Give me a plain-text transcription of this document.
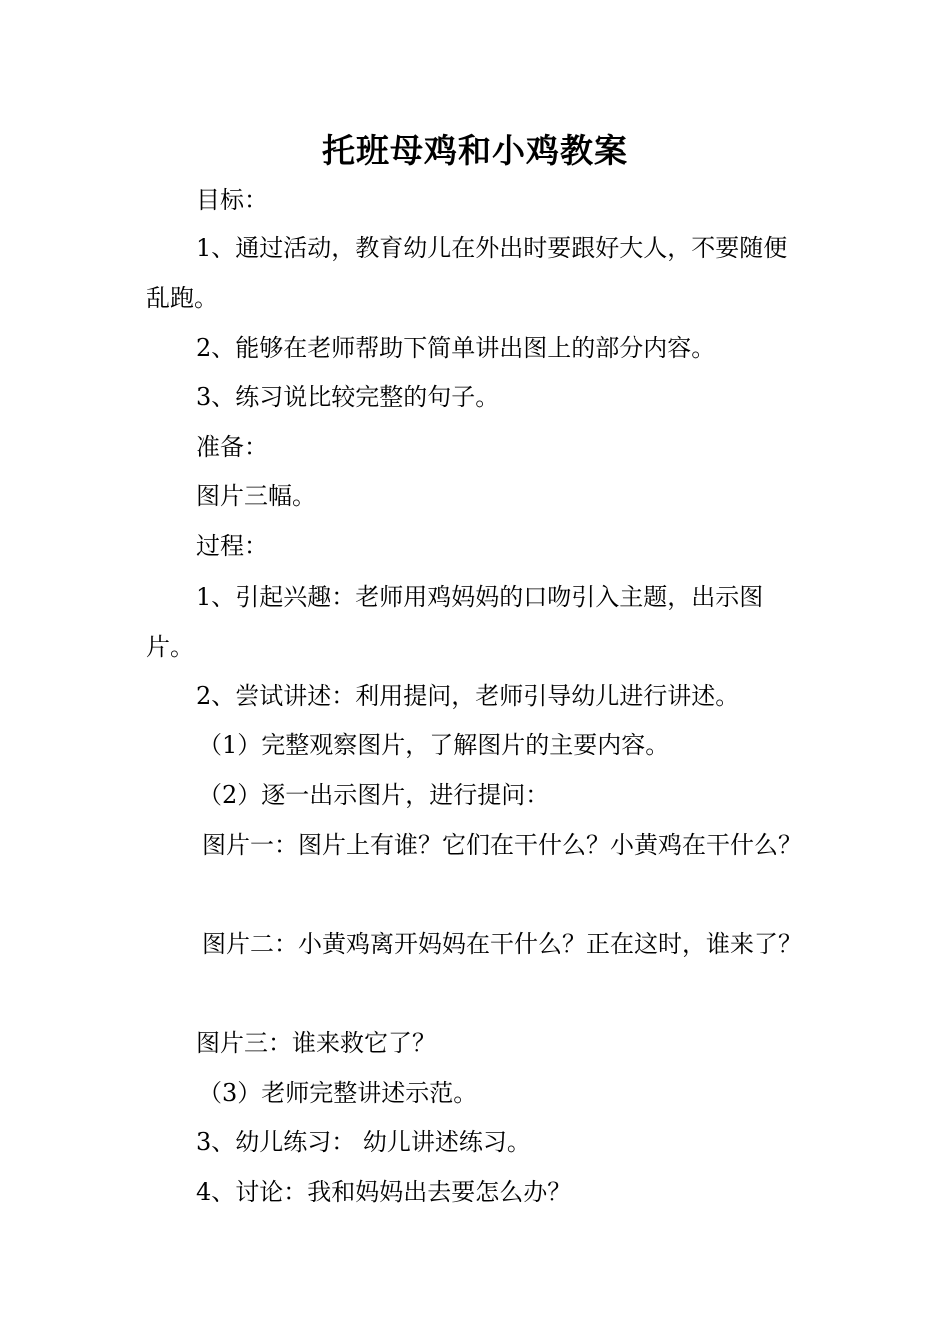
托班母鸡和小鸡教案

目标：

1、通过活动，教育幼儿在外出时要跟好大人，不要随便乱跑。

2、能够在老师帮助下简单讲出图上的部分内容。

3、练习说比较完整的句子。

准备：

图片三幅。

过程：

1、引起兴趣：老师用鸡妈妈的口吻引入主题，出示图片。

2、尝试讲述：利用提问，老师引导幼儿进行讲述。

（1）完整观察图片，了解图片的主要内容。

（2）逐一出示图片，进行提问：

图片一：图片上有谁？它们在干什么？小黄鸡在干什么？

图片二：小黄鸡离开妈妈在干什么？正在这时，谁来了？

图片三：谁来救它了？

（3）老师完整讲述示范。

3、幼儿练习： 幼儿讲述练习。

4、讨论：我和妈妈出去要怎么办？
